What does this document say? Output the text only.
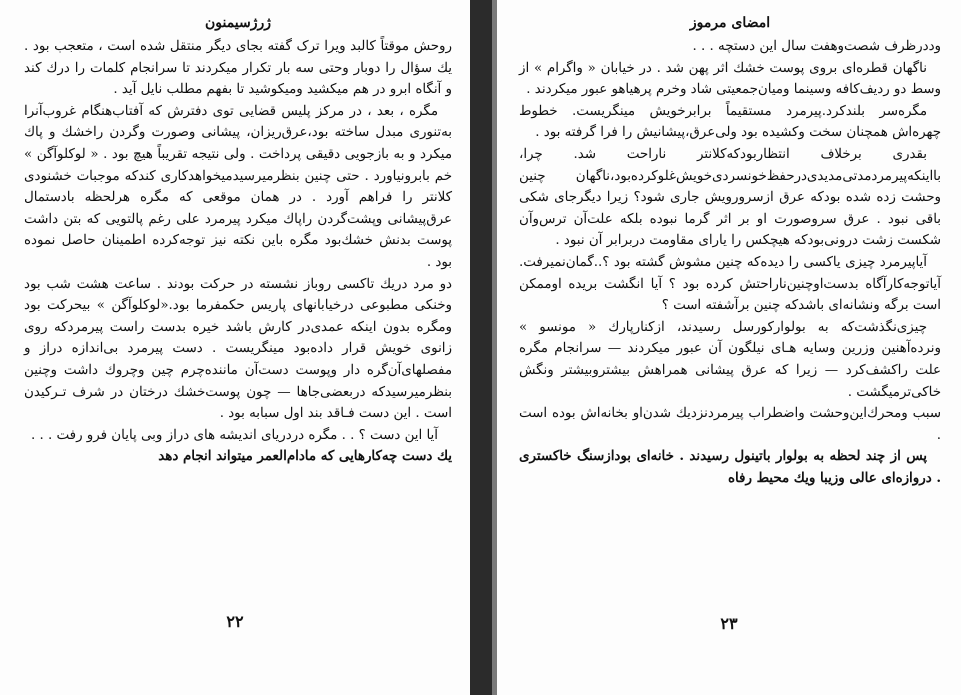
ژرژسیمنون

روحش موقتاً کالبد ویرا ترک گفته بجای دیگر منتقل شده است ، متعجب بود . یك سؤال را دوبار وحتی سه بار تکرار میکردند تا سرانجام کلمات را درك کند و آنگاه ابرو در هم میکشید ومیکوشید تا بفهم مطلب نایل آید .

مگره ، بعد ، در مرکز پلیس قضایی توی دفترش که آفتاب‌هنگام غروب‌آنرا به‌تنوری مبدل ساخته بود،عرق‌ریزان، پیشانی وصورت وگردن راخشك و پاك میکرد و به بازجویی دقیقی پرداخت . ولی نتیجه تقریباً هیچ بود . « لوکلوآگن » خم بابرونیاورد . حتی چنین بنظرمیرسیدمیخواهدکاری کندکه موجبات خشنودی کلانتر را فراهم آورد . در همان موقعی که مگره هرلحظه بادستمال عرق‌پیشانی وپشت‌گردن راپاك میکرد پیرمرد علی رغم پالتویی که بتن داشت پوست بدنش خشك‌بود مگره باین نکته نیز توجه‌کرده اطمینان حاصل نموده بود .

دو مرد دریك تاکسی روباز نشسته در حرکت بودند . ساعت هشت شب بود وخنکی مطبوعی درخیابانهای پاریس حکمفرما بود.«لوکلوآگن » بیحرکت بود ومگره بدون اینکه عمدی‌در کارش باشد خیره بدست راست پیرمردکه روی زانوی خویش قرار داده‌بود مینگریست . دست پیرمرد بی‌اندازه دراز و مفصلهای‌آن‌گره دار وپوست دست‌آن ماننده‌چرم چین وچروك داشت وچنین بنظرمیرسیدکه دربعضی‌جاها — چون پوست‌خشك درختان در شرف تـرکیدن است . این دست فـاقد بند اول سبابه بود .

آیا این دست ؟ . . مگره دردریای اندیشه های دراز وبی پایان فرو رفت . . .

یك دست چه‌کارهایی که مادام‌العمر میتواند انجام دهد

۲۲
امضای مرموز

وددرظرف شصت‌وهفت سال این دستچه . . .

ناگهان قطره‌ای بروی پوست خشك اثر پهن شد . در خیابان « واگرام » از وسط دو ردیف‌کافه وسینما ومیان‌جمعیتی شاد وخرم پرهیاهو عبور میکردند .

مگره‌سر بلندکرد.پیرمرد مستقیماً برابرخویش مینگریست. خطوط چهره‌اش همچنان سخت وکشیده بود ولی‌عرق،پیشانیش را فرا گرفته بود .

بقدری برخلاف انتظاربودکه‌کلانتر ناراحت شد. چرا، بااینکه‌پیرمرد‌مدتی‌مدیدی‌درحفظ‌خونسردی‌خویش‌غلوکرده‌بود،ناگهان چنین وحشت زده شده بودکه عرق ازسرورویش جاری شود؟ زیرا دیگرجای شکی باقی نبود . عرق سروصورت او بر اثر گرما نبوده بلکه علت‌آن ترس‌وآن شکست زشت درونی‌بودکه هیچکس را یارای مقاومت دربرابر آن نبود .

آیاپیرمرد چیزی یاکسی را دیده‌که چنین مشوش گشته بود ؟..گمان‌نمیرفت. آیاتوجه‌کارآگاه بدست‌اوچنین‌ناراحتش کرده بود ؟ آیا انگشت بریده‌ اوممکن است برگه ونشانه‌ای باشدکه چنین برآشفته است ؟

چیزی‌نگذشت‌که به بولوارکورسل رسیدند، ازکنارپارك « مونسو » ونرده‌آهنین وزرین وسایه هـای نیلگون آن عبور میکردند — سرانجام مگره علت راکشف‌کرد — زیرا که عرق پیشانی همراهش بیشتروبیشتر ونگش خاکی‌ترمیگشت .

سبب ومحرك‌این‌وحشت واضطراب پیرمردنزدیك شدن‌او بخانه‌اش بوده است .

پس از چند لحظه به بولوار باتینول رسیدند . خانه‌ای بودازسنگ خاکستری . دروازه‌ای عالی وزیبا ویك محیط رفاه

۲۳
